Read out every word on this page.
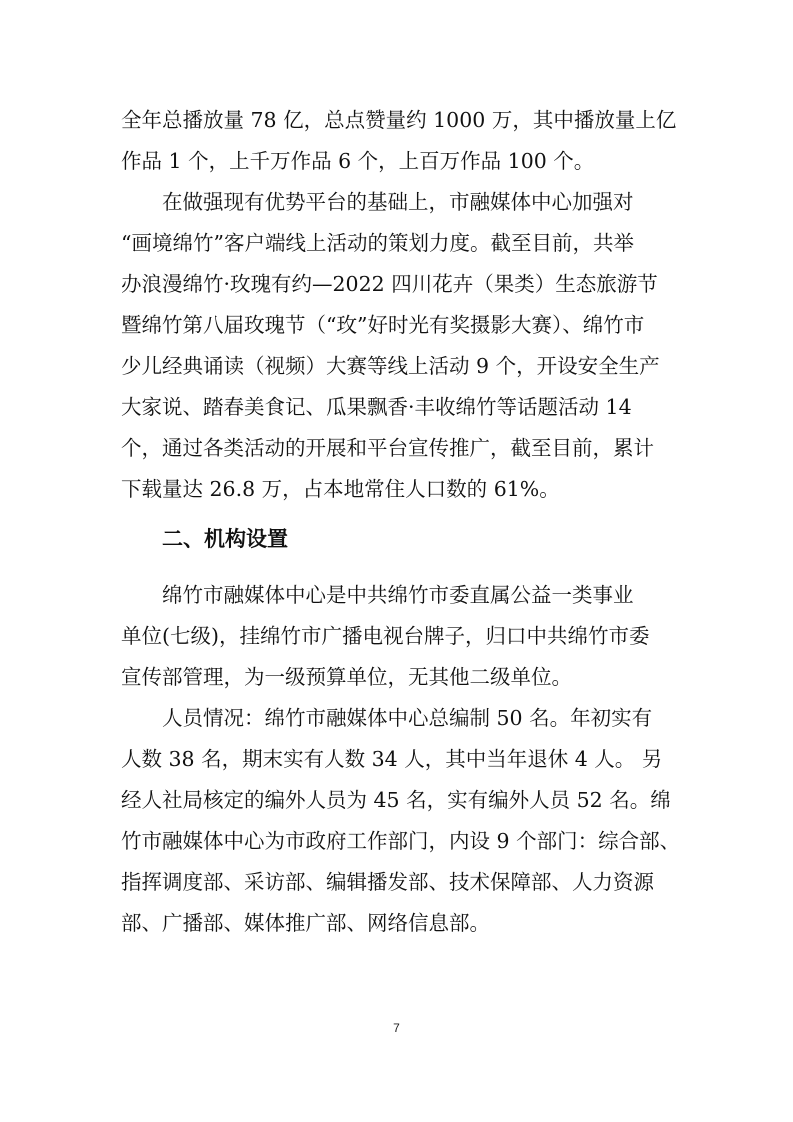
全年总播放量 78 亿，总点赞量约 1000 万，其中播放量上亿
作品 1 个，上千万作品 6 个，上百万作品 100 个。
在做强现有优势平台的基础上，市融媒体中心加强对
“画境绵竹”客户端线上活动的策划力度。截至目前，共举
办浪漫绵竹·玫瑰有约—2022 四川花卉（果类）生态旅游节
暨绵竹第八届玫瑰节（“玫”好时光有奖摄影大赛）、绵竹市
少儿经典诵读（视频）大赛等线上活动 9 个，开设安全生产
大家说、踏春美食记、瓜果飘香·丰收绵竹等话题活动 14
个，通过各类活动的开展和平台宣传推广，截至目前，累计
下载量达 26.8 万，占本地常住人口数的 61%。
二、机构设置
绵竹市融媒体中心是中共绵竹市委直属公益一类事业
单位(七级)，挂绵竹市广播电视台牌子，归口中共绵竹市委
宣传部管理，为一级预算单位，无其他二级单位。
人员情况：绵竹市融媒体中心总编制 50 名。年初实有
人数 38 名，期末实有人数 34 人，其中当年退休 4 人。 另
经人社局核定的编外人员为 45 名，实有编外人员 52 名。绵
竹市融媒体中心为市政府工作部门，内设 9 个部门：综合部、
指挥调度部、采访部、编辑播发部、技术保障部、人力资源
部、广播部、媒体推广部、网络信息部。
7
